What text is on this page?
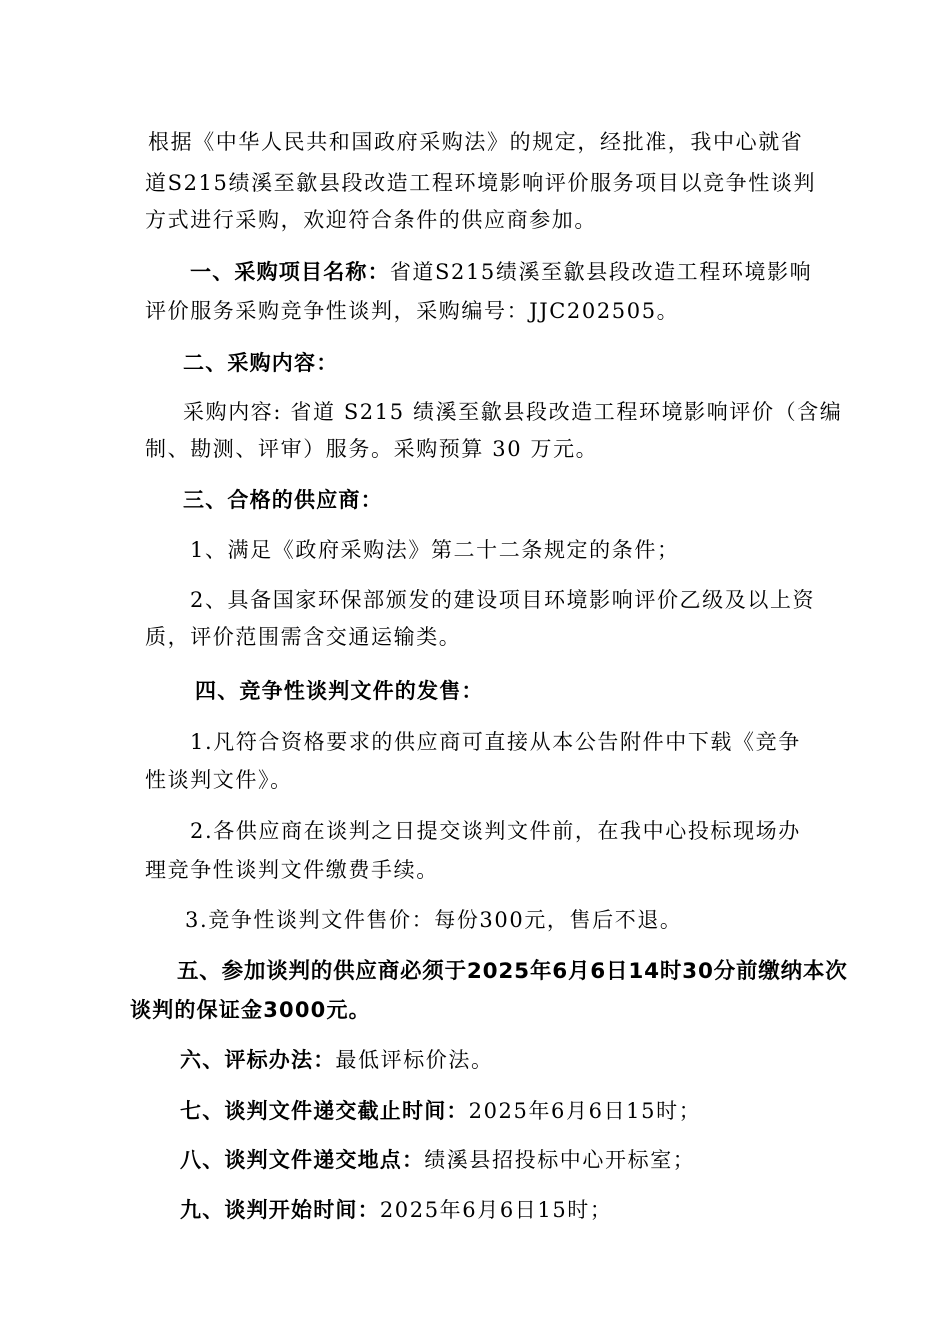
根据《中华人民共和国政府采购法》的规定，经批准，我中心就省
道S215绩溪至歙县段改造工程环境影响评价服务项目以竞争性谈判
方式进行采购，欢迎符合条件的供应商参加。
一、采购项目名称：省道S215绩溪至歙县段改造工程环境影响
评价服务采购竞争性谈判，采购编号：JJC202505。
二、采购内容：
采购内容: 省道 S215 绩溪至歙县段改造工程环境影响评价（含编
制、勘测、评审）服务。采购预算 30 万元。
三、合格的供应商：
1、满足《政府采购法》第二十二条规定的条件；
2、具备国家环保部颁发的建设项目环境影响评价乙级及以上资
质，评价范围需含交通运输类。
四、竞争性谈判文件的发售：
1.凡符合资格要求的供应商可直接从本公告附件中下载《竞争
性谈判文件》。
2.各供应商在谈判之日提交谈判文件前，在我中心投标现场办
理竞争性谈判文件缴费手续。
3.竞争性谈判文件售价：每份300元，售后不退。
五、参加谈判的供应商必须于2025年6月6日14时30分前缴纳本次
谈判的保证金3000元。
六、评标办法：最低评标价法。
七、谈判文件递交截止时间：2025年6月6日15时；
八、谈判文件递交地点：绩溪县招投标中心开标室；
九、谈判开始时间：2025年6月6日15时；
